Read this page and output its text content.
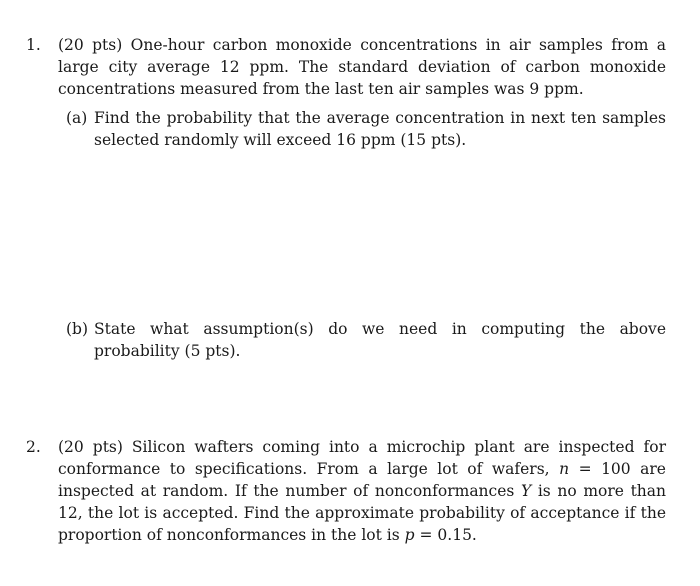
1. (20 pts) One-hour carbon monoxide concentrations in air samples from a large city average 12 ppm. The standard deviation of carbon monoxide concentrations measured from the last ten air samples was 9 ppm.
(a) Find the probability that the average concentration in next ten samples selected randomly will exceed 16 ppm (15 pts).
(b) State what assumption(s) do we need in computing the above probability (5 pts).
2. (20 pts) Silicon wafters coming into a microchip plant are inspected for conformance to specifications. From a large lot of wafers, n = 100 are inspected at random. If the number of nonconformances Y is no more than 12, the lot is accepted. Find the approximate probability of acceptance if the proportion of nonconformances in the lot is p = 0.15.
